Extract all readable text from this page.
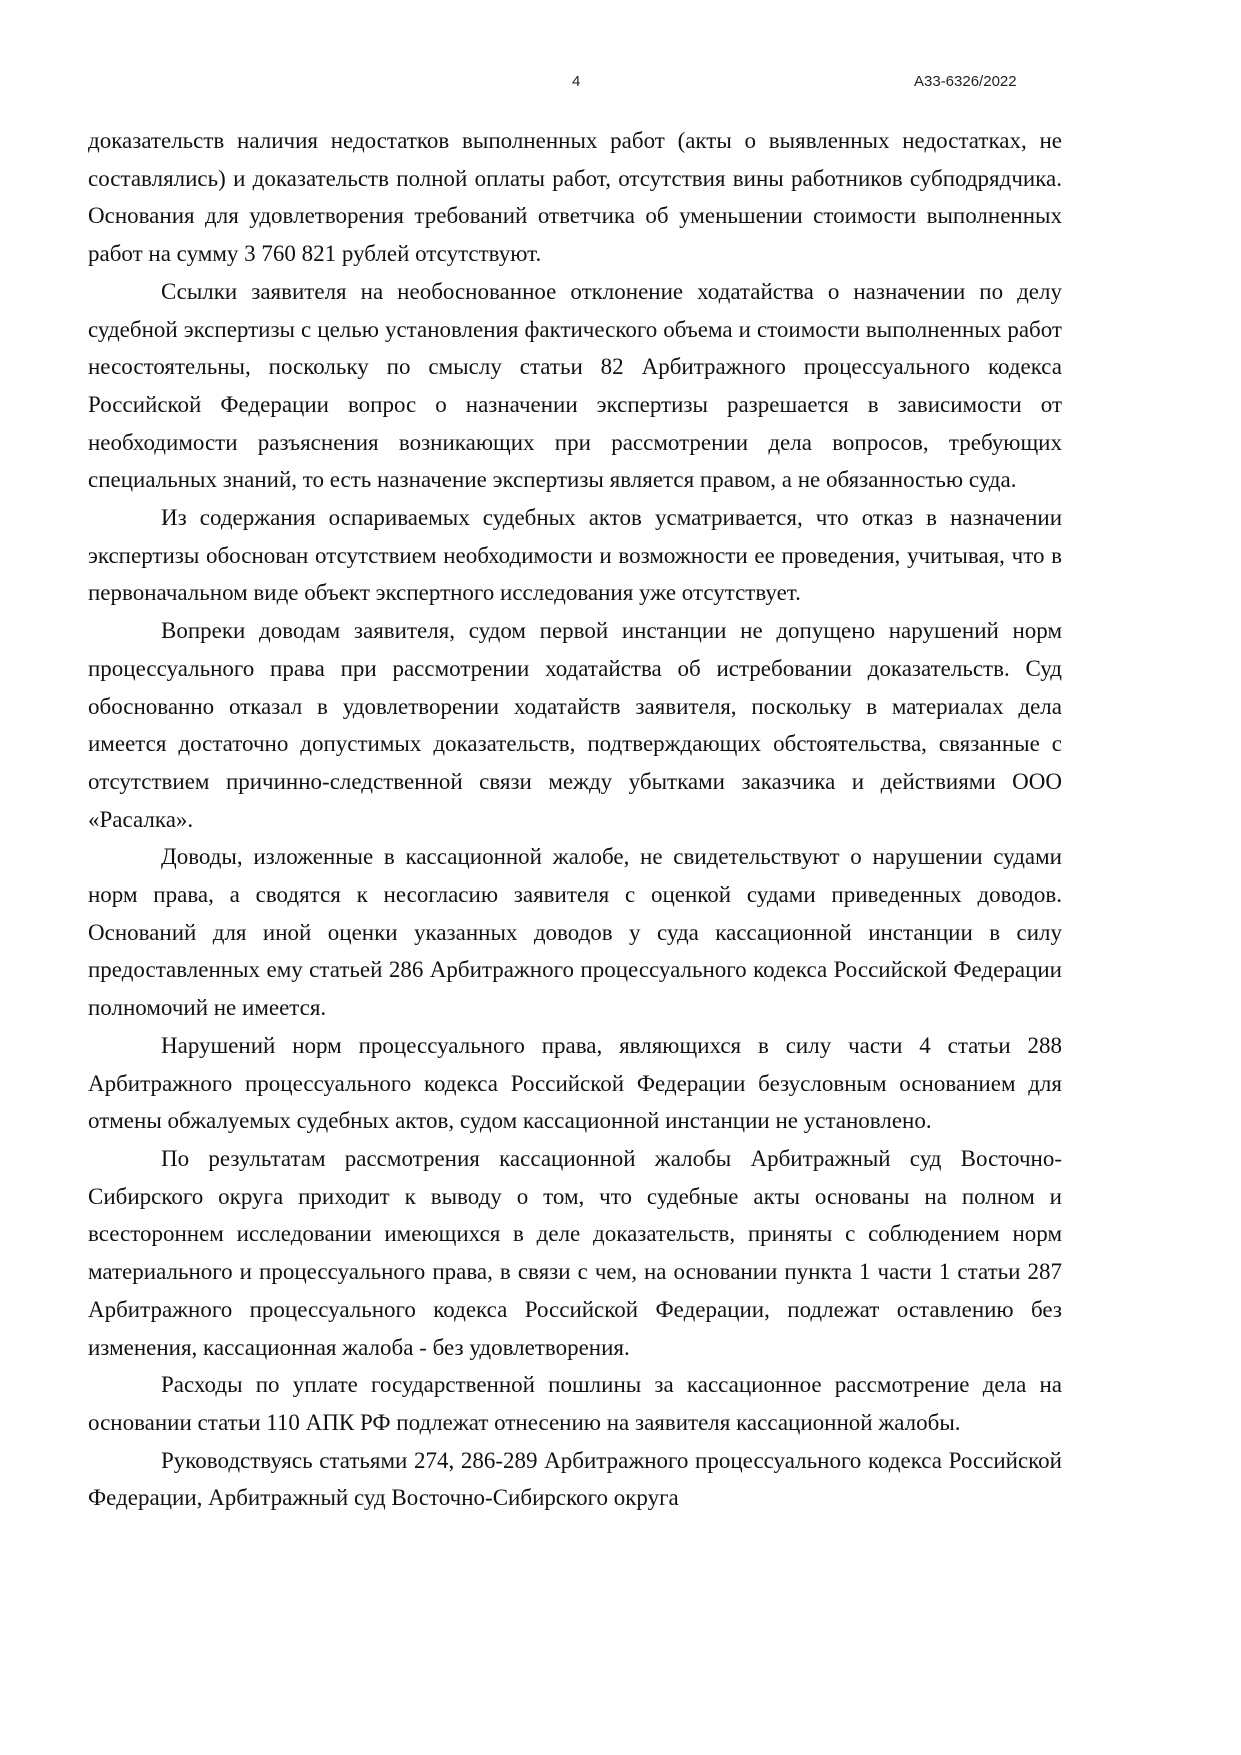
4	А33-6326/2022

доказательств наличия недостатков выполненных работ (акты о выявленных недостатках, не составлялись) и доказательств полной оплаты работ, отсутствия вины работников субподрядчика. Основания для удовлетворения требований ответчика об уменьшении стоимости выполненных работ на сумму 3 760 821 рублей отсутствуют.

Ссылки заявителя на необоснованное отклонение ходатайства о назначении по делу судебной экспертизы с целью установления фактического объема и стоимости выполненных работ несостоятельны, поскольку по смыслу статьи 82 Арбитражного процессуального кодекса Российской Федерации вопрос о назначении экспертизы разрешается в зависимости от необходимости разъяснения возникающих при рассмотрении дела вопросов, требующих специальных знаний, то есть назначение экспертизы является правом, а не обязанностью суда.

Из содержания оспариваемых судебных актов усматривается, что отказ в назначении экспертизы обоснован отсутствием необходимости и возможности ее проведения, учитывая, что в первоначальном виде объект экспертного исследования уже отсутствует.

Вопреки доводам заявителя, судом первой инстанции не допущено нарушений норм процессуального права при рассмотрении ходатайства об истребовании доказательств. Суд обоснованно отказал в удовлетворении ходатайств заявителя, поскольку в материалах дела имеется достаточно допустимых доказательств, подтверждающих обстоятельства, связанные с отсутствием причинно-следственной связи между убытками заказчика и действиями ООО «Расалка».

Доводы, изложенные в кассационной жалобе, не свидетельствуют о нарушении судами норм права, а сводятся к несогласию заявителя с оценкой судами приведенных доводов. Оснований для иной оценки указанных доводов у суда кассационной инстанции в силу предоставленных ему статьей 286 Арбитражного процессуального кодекса Российской Федерации полномочий не имеется.

Нарушений норм процессуального права, являющихся в силу части 4 статьи 288 Арбитражного процессуального кодекса Российской Федерации безусловным основанием для отмены обжалуемых судебных актов, судом кассационной инстанции не установлено.

По результатам рассмотрения кассационной жалобы Арбитражный суд Восточно-Сибирского округа приходит к выводу о том, что судебные акты основаны на полном и всестороннем исследовании имеющихся в деле доказательств, приняты с соблюдением норм материального и процессуального права, в связи с чем, на основании пункта 1 части 1 статьи 287 Арбитражного процессуального кодекса Российской Федерации, подлежат оставлению без изменения, кассационная жалоба - без удовлетворения.

Расходы по уплате государственной пошлины за кассационное рассмотрение дела на основании статьи 110 АПК РФ подлежат отнесению на заявителя кассационной жалобы.

Руководствуясь статьями 274, 286-289 Арбитражного процессуального кодекса Российской Федерации, Арбитражный суд Восточно-Сибирского округа
